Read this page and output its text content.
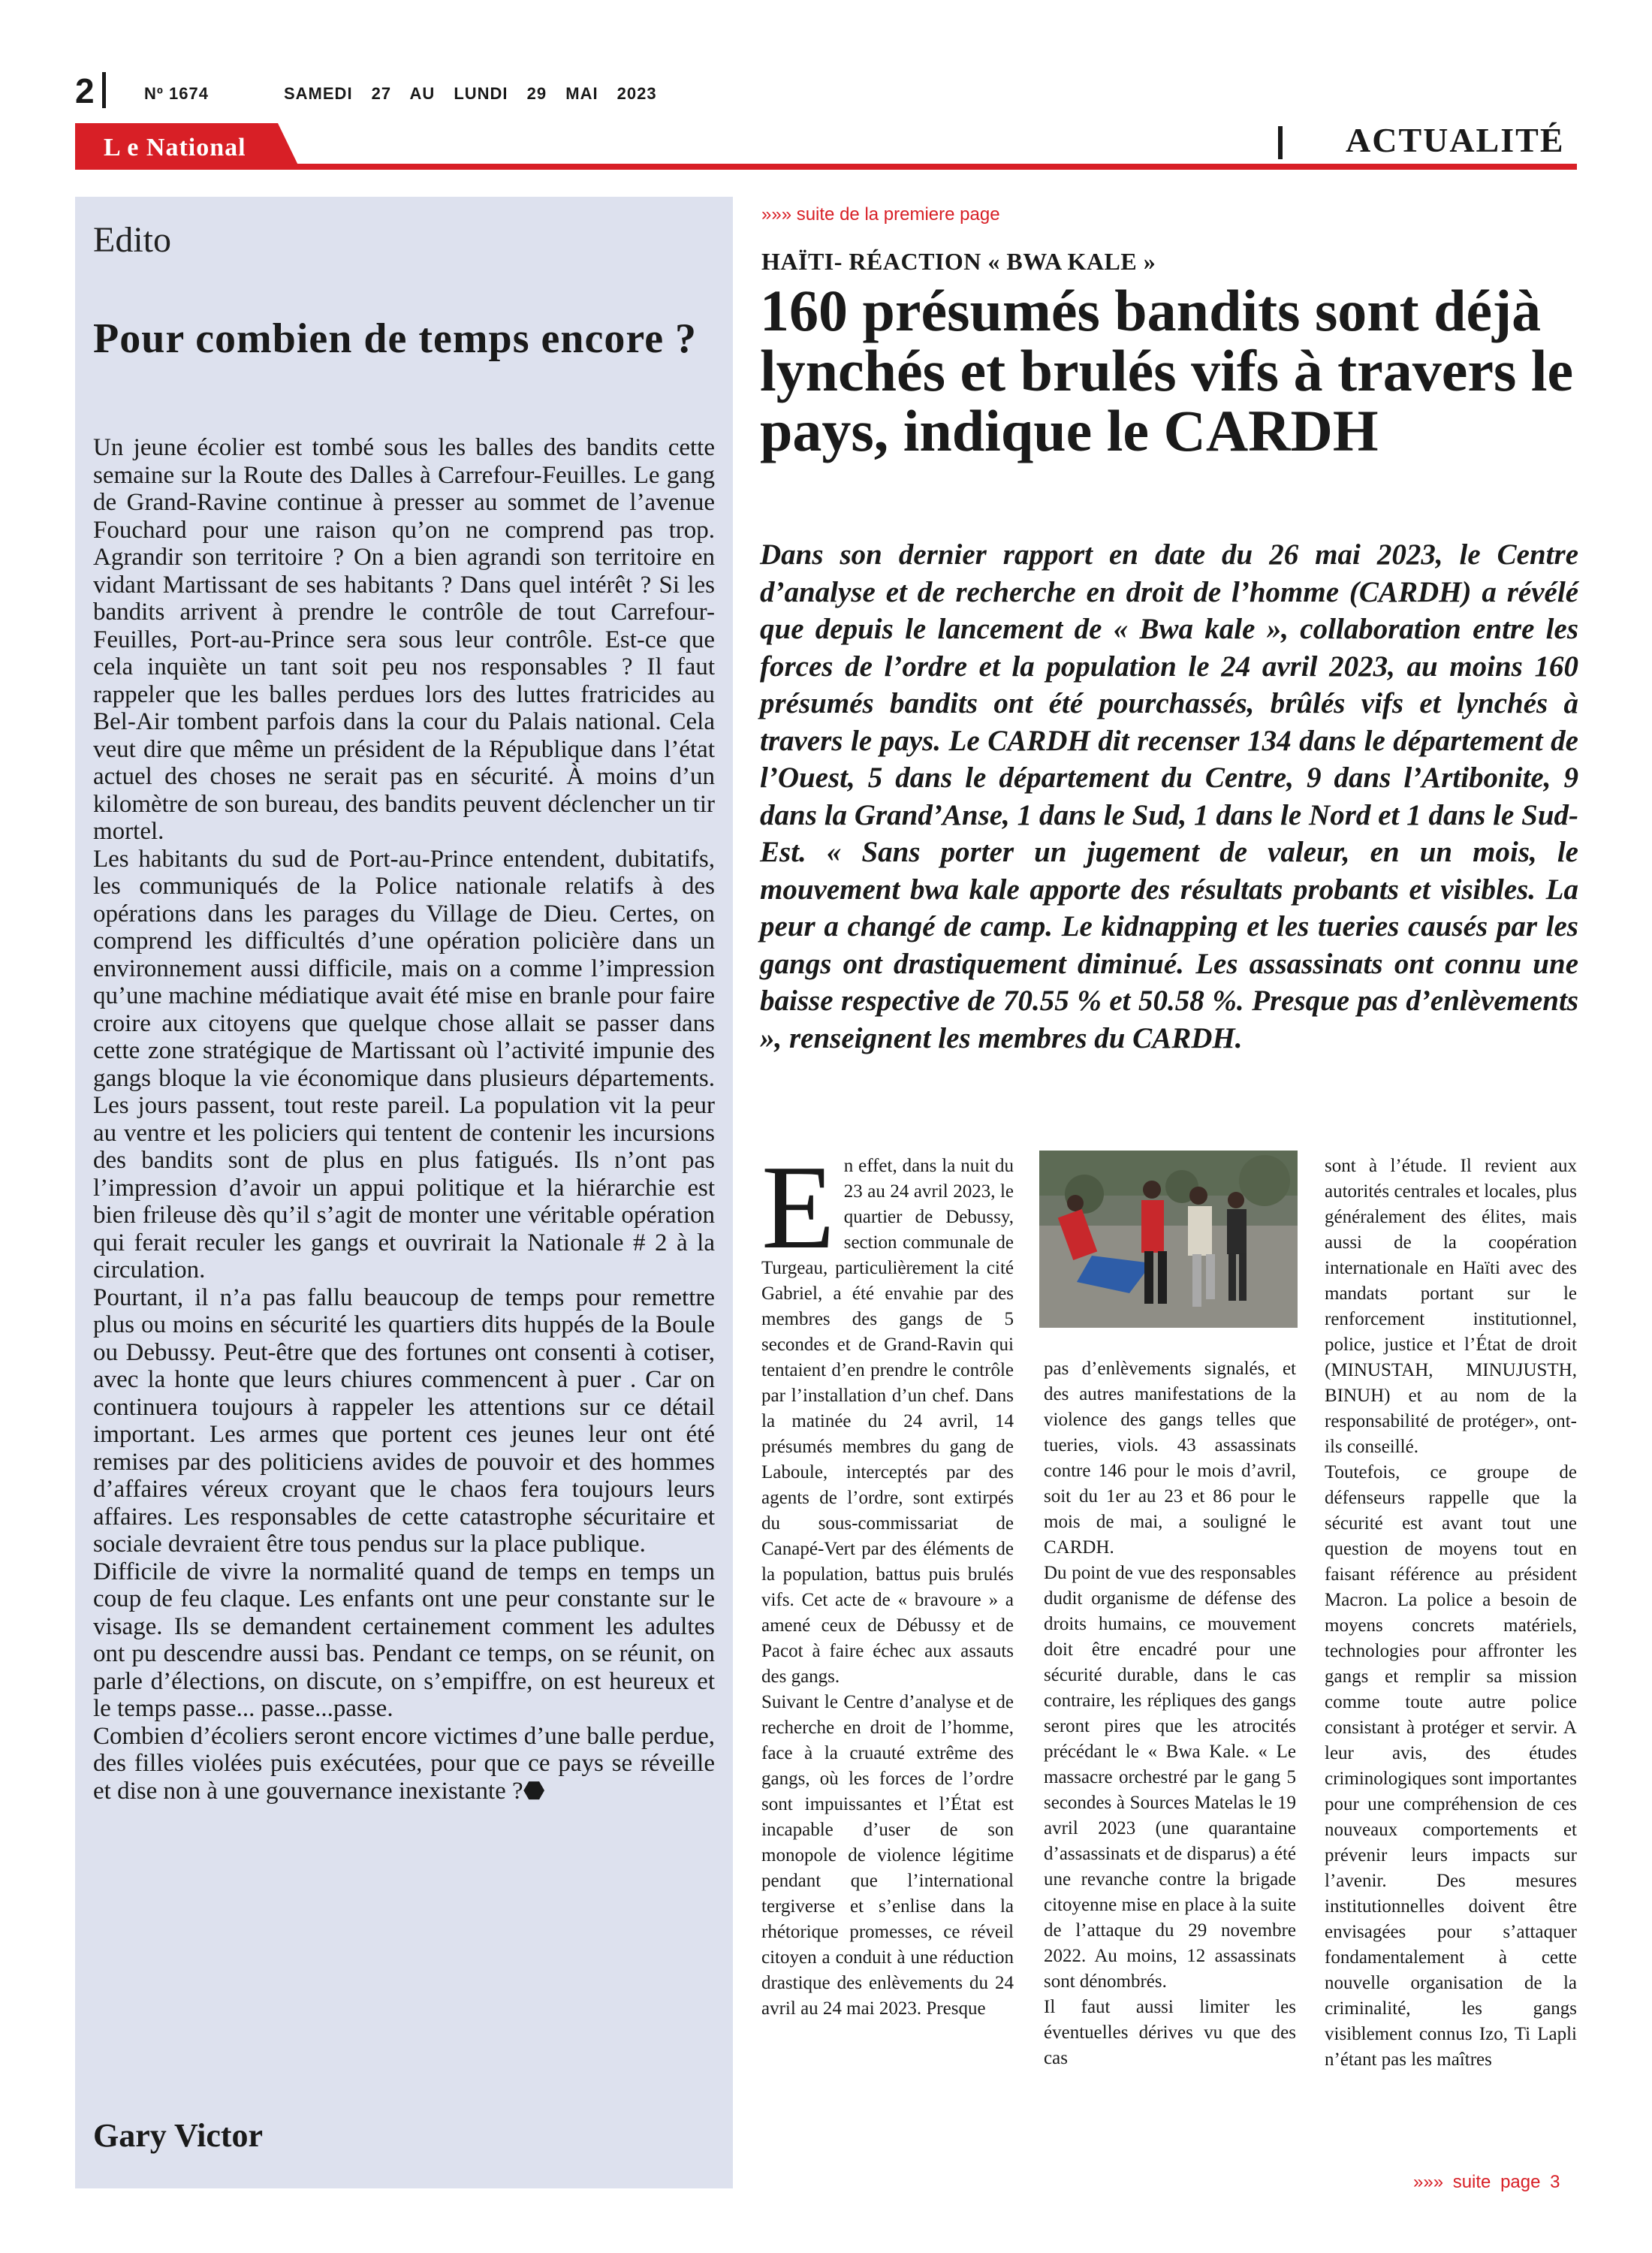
2	Nº 1674	SAMEDI 27 AU LUNDI 29 MAI 2023
L e National	ACTUALITÉ
Edito
Pour combien de temps encore ?

Un jeune écolier est tombé sous les balles des bandits cette semaine sur la Route des Dalles à Carrefour-Feuilles. Le gang de Grand-Ravine continue à presser au sommet de l’avenue Fouchard pour une raison qu’on ne comprend pas trop. Agrandir son territoire ? On a bien agrandi son territoire en vidant Martissant de ses habitants ? Dans quel intérêt ? Si les bandits arrivent à prendre le contrôle de tout Carrefour-Feuilles, Port-au-Prince sera sous leur contrôle. Est-ce que cela inquiète un tant soit peu nos responsables ? Il faut rappeler que les balles perdues lors des luttes fratricides au Bel-Air tombent parfois dans la cour du Palais national. Cela veut dire que même un président de la République dans l’état actuel des choses ne serait pas en sécurité. À moins d’un kilomètre de son bureau, des bandits peuvent déclencher un tir mortel.

Les habitants du sud de Port-au-Prince entendent, dubitatifs, les communiqués de la Police nationale relatifs à des opérations dans les parages du Village de Dieu. Certes, on comprend les difficultés d’une opération policière dans un environnement aussi difficile, mais on a comme l’impression qu’une machine médiatique avait été mise en branle pour faire croire aux citoyens que quelque chose allait se passer dans cette zone stratégique de Martissant où l’activité impunie des gangs bloque la vie économique dans plusieurs départements. Les jours passent, tout reste pareil. La population vit la peur au ventre et les policiers qui tentent de contenir les incursions des bandits sont de plus en plus fatigués. Ils n’ont pas l’impression d’avoir un appui politique et la hiérarchie est bien frileuse dès qu’il s’agit de monter une véritable opération qui ferait reculer les gangs et ouvrirait la Nationale # 2 à la circulation.

Pourtant, il n’a pas fallu beaucoup de temps pour remettre plus ou moins en sécurité les quartiers dits huppés de la Boule ou Debussy. Peut-être que des fortunes ont consenti à cotiser, avec la honte que leurs chiures commencent à puer . Car on continuera toujours à rappeler les attentions sur ce détail important. Les armes que portent ces jeunes leur ont été remises par des politiciens avides de pouvoir et des hommes d’affaires véreux croyant que le chaos fera toujours leurs affaires. Les responsables de cette catastrophe sécuritaire et sociale devraient être tous pendus sur la place publique.

Difficile de vivre la normalité quand de temps en temps un coup de feu claque. Les enfants ont une peur constante sur le visage. Ils se demandent certainement comment les adultes ont pu descendre aussi bas. Pendant ce temps, on se réunit, on parle d’élections, on discute, on s’empiffre, on est heureux et le temps passe... passe...passe.

Combien d’écoliers seront encore victimes d’une balle perdue, des filles violées puis exécutées, pour que ce pays se réveille et dise non à une gouvernance inexistante ?⬣

Gary Victor
»»» suite de la premiere page
HAÏTI- RÉACTION « BWA KALE »
160 présumés bandits sont déjà lynchés et brulés vifs à travers le pays, indique le CARDH
Dans son dernier rapport en date du 26 mai 2023, le Centre d’analyse et de recherche en droit de l’homme (CARDH) a révélé que depuis le lancement de « Bwa kale », collaboration entre les forces de l’ordre et la population le 24 avril 2023, au moins 160 présumés bandits ont été pourchassés, brûlés vifs et lynchés à travers le pays. Le CARDH dit recenser 134 dans le département de l’Ouest, 5 dans le département du Centre, 9 dans l’Artibonite, 9 dans la Grand’Anse, 1 dans le Sud, 1 dans le Nord et 1 dans le Sud-Est. « Sans porter un jugement de valeur, en un mois, le mouvement bwa kale apporte des résultats probants et visibles. La peur a changé de camp. Le kidnapping et les tueries causés par les gangs ont drastiquement diminué. Les assassinats ont connu une baisse respective de 70.55 % et 50.58 %. Presque pas d’enlèvements », renseignent les membres du CARDH.
E n effet, dans la nuit du 23 au 24 avril 2023, le quartier de Debussy, section communale de Turgeau, particulièrement la cité Gabriel, a été envahie par des membres des gangs de 5 secondes et de Grand-Ravin qui tentaient d’en prendre le contrôle par l’installation d’un chef. Dans la matinée du 24 avril, 14 présumés membres du gang de Laboule, interceptés par des agents de l’ordre, sont extirpés du sous-commissariat de Canapé-Vert par des éléments de la population, battus puis brulés vifs. Cet acte de « bravoure » a amené ceux de Débussy et de Pacot à faire échec aux assauts des gangs.

Suivant le Centre d’analyse et de recherche en droit de l’homme, face à la cruauté extrême des gangs, où les forces de l’ordre sont impuissantes et l’État est incapable d’user de son monopole de violence légitime pendant que l’international tergiverse et s’enlise dans la rhétorique promesses, ce réveil citoyen a conduit à une réduction drastique des enlèvements du 24 avril au 24 mai 2023. Presque

pas d’enlèvements signalés, et des autres manifestations de la violence des gangs telles que tueries, viols. 43 assassinats contre 146 pour le mois d’avril, soit du 1er au 23 et 86 pour le mois de mai, a souligné le CARDH.

Du point de vue des responsables dudit organisme de défense des droits humains, ce mouvement doit être encadré pour une sécurité durable, dans le cas contraire, les répliques des gangs seront pires que les atrocités précédant le « Bwa Kale. « Le massacre orchestré par le gang 5 secondes à Sources Matelas le 19 avril 2023 (une quarantaine d’assassinats et de disparus) a été une revanche contre la brigade citoyenne mise en place à la suite de l’attaque du 29 novembre 2022. Au moins, 12 assassinats sont dénombrés.

Il faut aussi limiter les éventuelles dérives vu que des cas

sont à l’étude. Il revient aux autorités centrales et locales, plus généralement des élites, mais aussi de la coopération internationale en Haïti avec des mandats portant sur le renforcement institutionnel, police, justice et l’État de droit (MINUSTAH, MINUJUSTH, BINUH) et au nom de la responsabilité de protéger», ont-ils conseillé.

Toutefois, ce groupe de défenseurs rappelle que la sécurité est avant tout une question de moyens tout en faisant référence au président Macron. La police a besoin de moyens concrets matériels, technologies pour affronter les gangs et remplir sa mission comme toute autre police consistant à protéger et servir. A leur avis, des études criminologiques sont importantes pour une compréhension de ces nouveaux comportements et prévenir leurs impacts sur l’avenir. Des mesures institutionnelles doivent être envisagées pour s’attaquer fondamentalement à cette nouvelle organisation de la criminalité, les gangs visiblement connus Izo, Ti Lapli n’étant pas les maîtres

»»» suite page 3
